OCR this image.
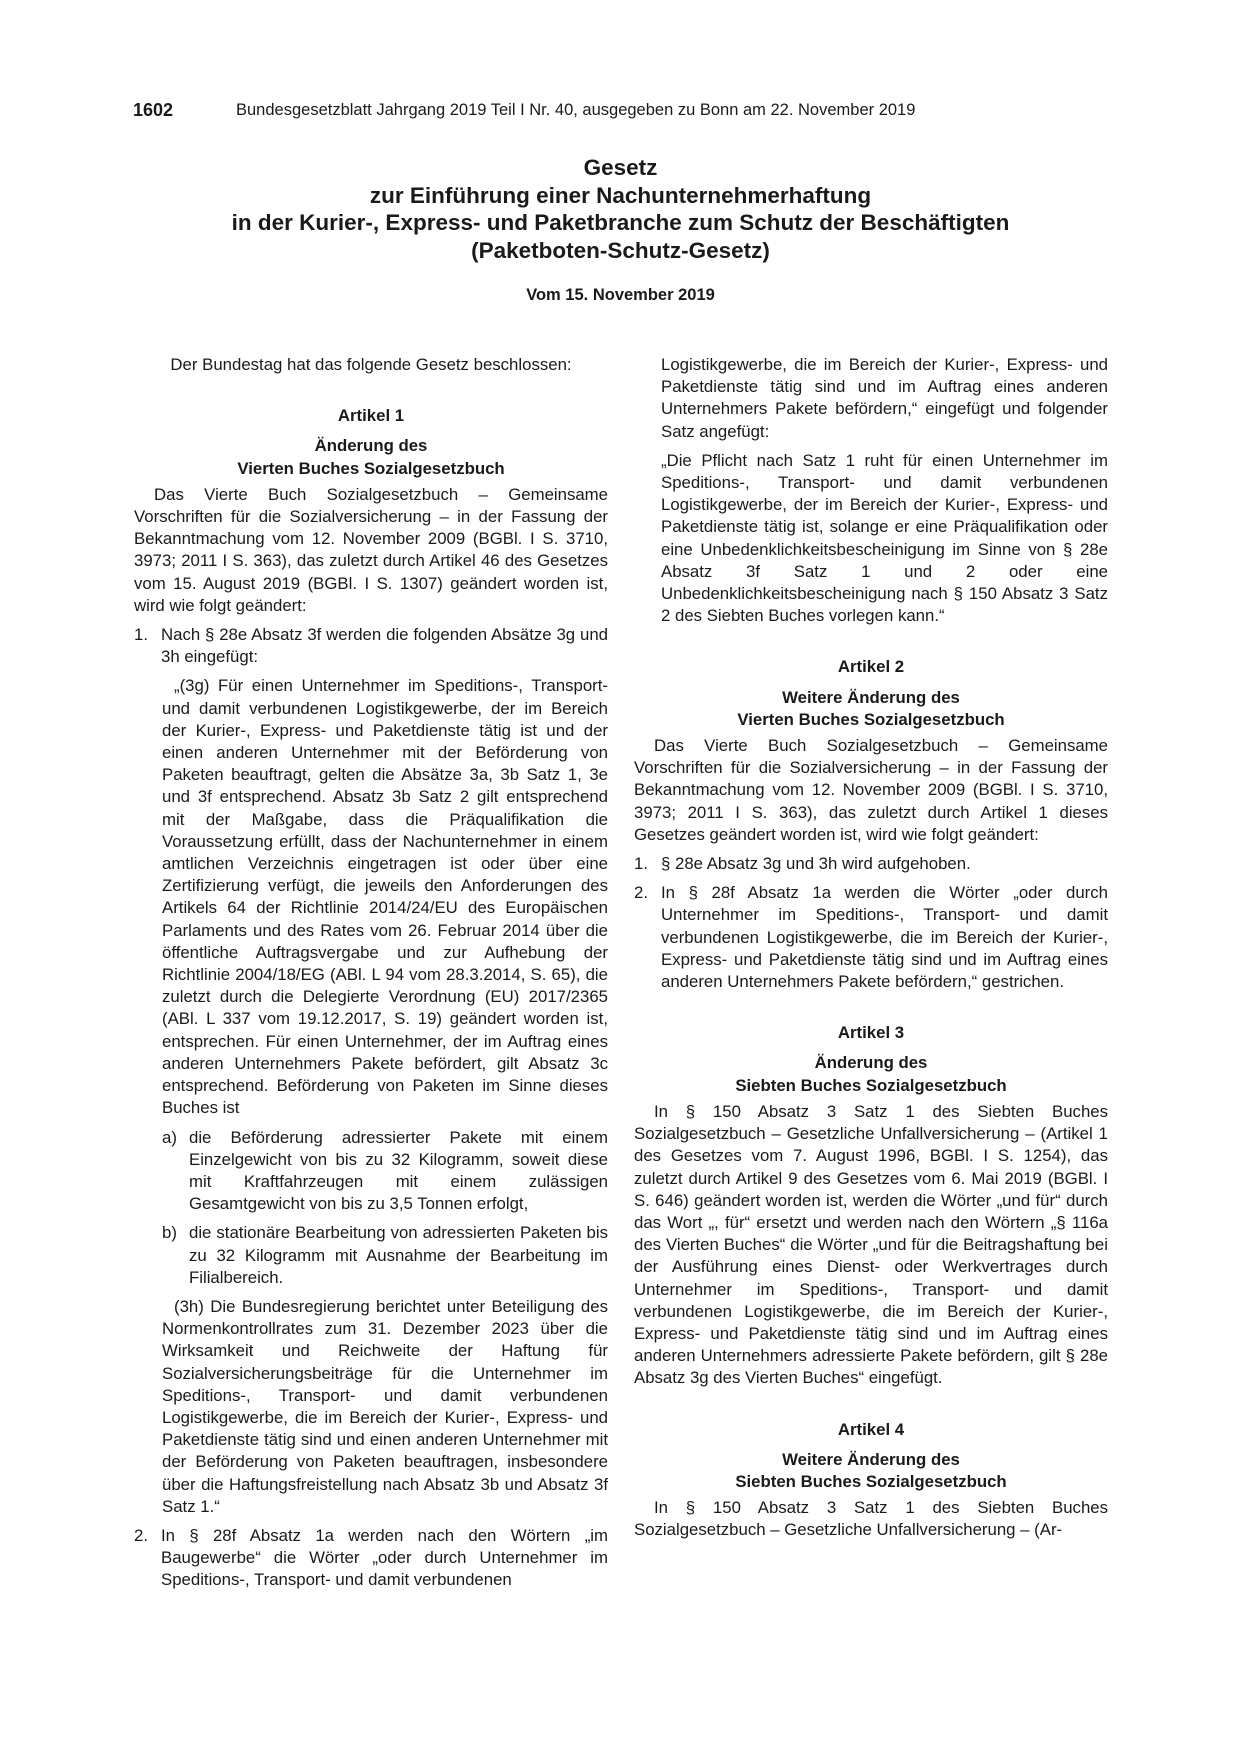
1602	Bundesgesetzblatt Jahrgang 2019 Teil I Nr. 40, ausgegeben zu Bonn am 22. November 2019
Gesetz
zur Einführung einer Nachunternehmerhaftung
in der Kurier-, Express- und Paketbranche zum Schutz der Beschäftigten
(Paketboten-Schutz-Gesetz)
Vom 15. November 2019

Der Bundestag hat das folgende Gesetz beschlossen:

Artikel 1
Änderung des
Vierten Buches Sozialgesetzbuch

Das Vierte Buch Sozialgesetzbuch – Gemeinsame Vorschriften für die Sozialversicherung – in der Fassung der Bekanntmachung vom 12. November 2009 (BGBl. I S. 3710, 3973; 2011 I S. 363), das zuletzt durch Artikel 46 des Gesetzes vom 15. August 2019 (BGBl. I S. 1307) geändert worden ist, wird wie folgt geändert:

1. Nach § 28e Absatz 3f werden die folgenden Absätze 3g und 3h eingefügt:

„(3g) Für einen Unternehmer im Speditions-, Transport- und damit verbundenen Logistikgewerbe, der im Bereich der Kurier-, Express- und Paketdienste tätig ist und der einen anderen Unternehmer mit der Beförderung von Paketen beauftragt, gelten die Absätze 3a, 3b Satz 1, 3e und 3f entsprechend. Absatz 3b Satz 2 gilt entsprechend mit der Maßgabe, dass die Präqualifikation die Voraussetzung erfüllt, dass der Nachunternehmer in einem amtlichen Verzeichnis eingetragen ist oder über eine Zertifizierung verfügt, die jeweils den Anforderungen des Artikels 64 der Richtlinie 2014/24/EU des Europäischen Parlaments und des Rates vom 26. Februar 2014 über die öffentliche Auftragsvergabe und zur Aufhebung der Richtlinie 2004/18/EG (ABl. L 94 vom 28.3.2014, S. 65), die zuletzt durch die Delegierte Verordnung (EU) 2017/2365 (ABl. L 337 vom 19.12.2017, S. 19) geändert worden ist, entsprechen. Für einen Unternehmer, der im Auftrag eines anderen Unternehmers Pakete befördert, gilt Absatz 3c entsprechend. Beförderung von Paketen im Sinne dieses Buches ist

a) die Beförderung adressierter Pakete mit einem Einzelgewicht von bis zu 32 Kilogramm, soweit diese mit Kraftfahrzeugen mit einem zulässigen Gesamtgewicht von bis zu 3,5 Tonnen erfolgt,
b) die stationäre Bearbeitung von adressierten Paketen bis zu 32 Kilogramm mit Ausnahme der Bearbeitung im Filialbereich.

(3h) Die Bundesregierung berichtet unter Beteiligung des Normenkontrollrates zum 31. Dezember 2023 über die Wirksamkeit und Reichweite der Haftung für Sozialversicherungsbeiträge für die Unternehmer im Speditions-, Transport- und damit verbundenen Logistikgewerbe, die im Bereich der Kurier-, Express- und Paketdienste tätig sind und einen anderen Unternehmer mit der Beförderung von Paketen beauftragen, insbesondere über die Haftungsfreistellung nach Absatz 3b und Absatz 3f Satz 1.“

2. In § 28f Absatz 1a werden nach den Wörtern „im Baugewerbe“ die Wörter „oder durch Unternehmer im Speditions-, Transport- und damit verbundenen

Logistikgewerbe, die im Bereich der Kurier-, Express- und Paketdienste tätig sind und im Auftrag eines anderen Unternehmers Pakete befördern,“ eingefügt und folgender Satz angefügt:

„Die Pflicht nach Satz 1 ruht für einen Unternehmer im Speditions-, Transport- und damit verbundenen Logistikgewerbe, der im Bereich der Kurier-, Express- und Paketdienste tätig ist, solange er eine Präqualifikation oder eine Unbedenklichkeitsbescheinigung im Sinne von § 28e Absatz 3f Satz 1 und 2 oder eine Unbedenklichkeitsbescheinigung nach § 150 Absatz 3 Satz 2 des Siebten Buches vorlegen kann.“

Artikel 2
Weitere Änderung des
Vierten Buches Sozialgesetzbuch

Das Vierte Buch Sozialgesetzbuch – Gemeinsame Vorschriften für die Sozialversicherung – in der Fassung der Bekanntmachung vom 12. November 2009 (BGBl. I S. 3710, 3973; 2011 I S. 363), das zuletzt durch Artikel 1 dieses Gesetzes geändert worden ist, wird wie folgt geändert:

1. § 28e Absatz 3g und 3h wird aufgehoben.
2. In § 28f Absatz 1a werden die Wörter „oder durch Unternehmer im Speditions-, Transport- und damit verbundenen Logistikgewerbe, die im Bereich der Kurier-, Express- und Paketdienste tätig sind und im Auftrag eines anderen Unternehmers Pakete befördern,“ gestrichen.
Artikel 3
Änderung des
Siebten Buches Sozialgesetzbuch

In § 150 Absatz 3 Satz 1 des Siebten Buches Sozialgesetzbuch – Gesetzliche Unfallversicherung – (Artikel 1 des Gesetzes vom 7. August 1996, BGBl. I S. 1254), das zuletzt durch Artikel 9 des Gesetzes vom 6. Mai 2019 (BGBl. I S. 646) geändert worden ist, werden die Wörter „und für“ durch das Wort „, für“ ersetzt und werden nach den Wörtern „§ 116a des Vierten Buches“ die Wörter „und für die Beitragshaftung bei der Ausführung eines Dienst- oder Werkvertrages durch Unternehmer im Speditions-, Transport- und damit verbundenen Logistikgewerbe, die im Bereich der Kurier-, Express- und Paketdienste tätig sind und im Auftrag eines anderen Unternehmers adressierte Pakete befördern, gilt § 28e Absatz 3g des Vierten Buches“ eingefügt.

Artikel 4
Weitere Änderung des
Siebten Buches Sozialgesetzbuch

In § 150 Absatz 3 Satz 1 des Siebten Buches Sozialgesetzbuch – Gesetzliche Unfallversicherung – (Ar-
